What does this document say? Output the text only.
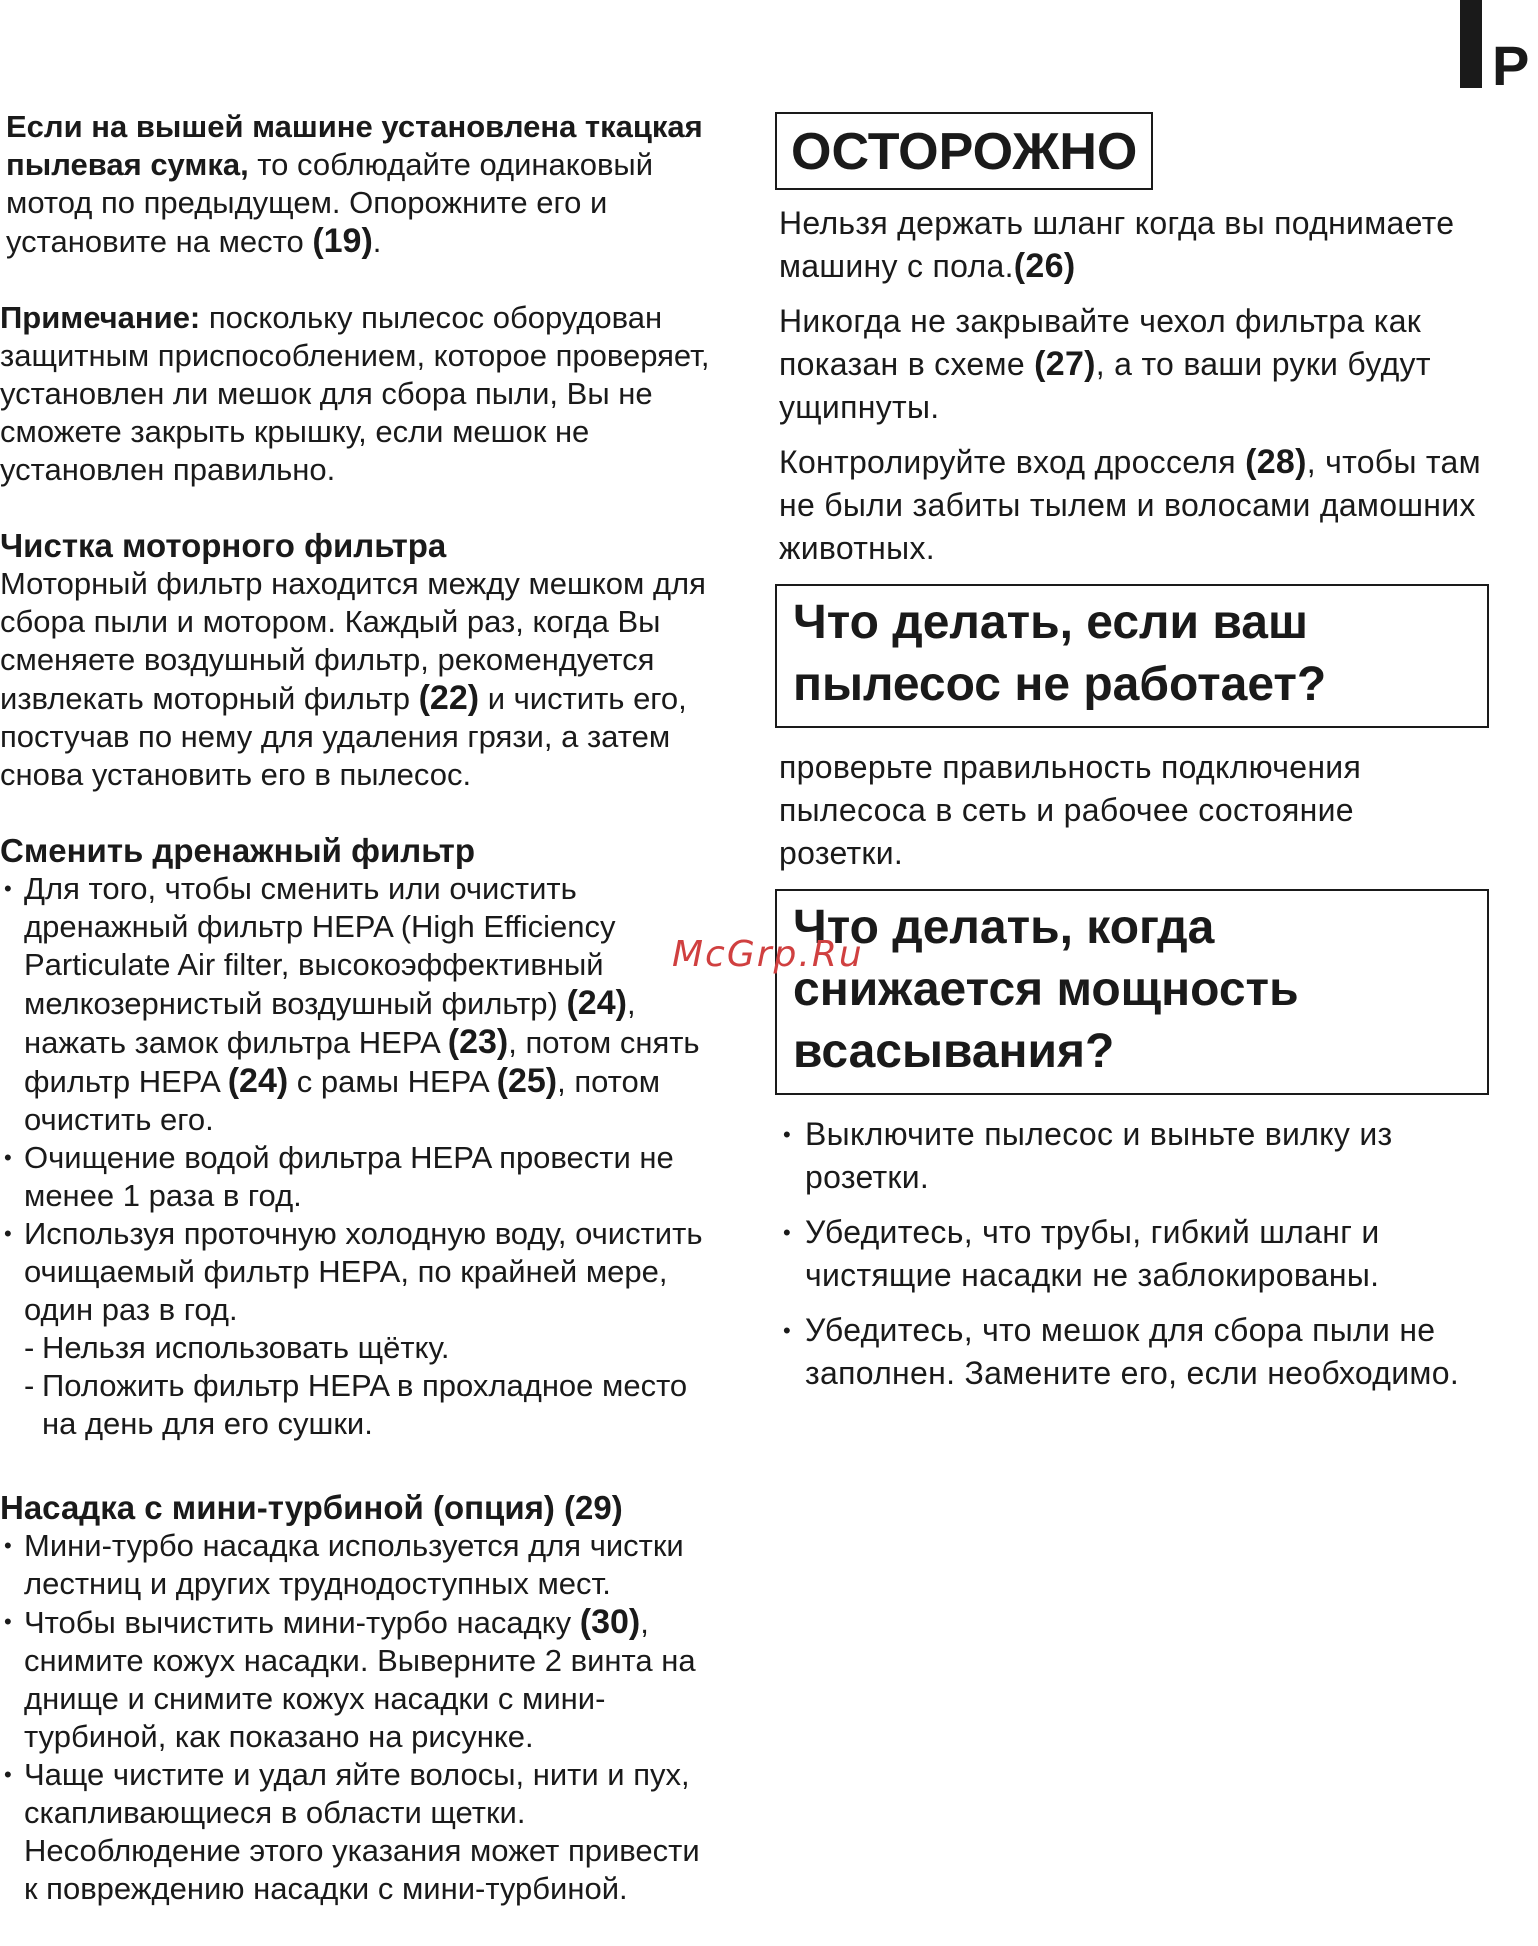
P

Если на вышей машине установлена ткацкая пылевая сумка, то соблюдайте одинаковый мотод по предыдущем. Опорожните его и установите на место (19).

Примечание: поскольку пылесос оборудован защитным приспособлением, которое проверяет, установлен ли мешок для сбора пыли, Вы не сможете закрыть крышку, если мешок не установлен правильно.

Чистка моторного фильтра

Моторный фильтр находится между мешком для сбора пыли и мотором. Каждый раз, когда Вы сменяете воздушный фильтр, рекомендуется извлекать моторный фильтр (22) и чистить его, постучав по нему для удаления грязи, а затем снова установить его в пылесос.

Сменить дренажный фильтр
• Для того, чтобы сменить или очистить дренажный фильтр HEPA (High Efficiency Particulate Air filter, высокоэффективный мелкозернистый воздушный фильтр) (24), нажать замок фильтра HEPA (23), потом снять фильтр HEPA (24) с рамы HEPA (25), потом очистить его.
• Очищение водой фильтра HEPA провести не менее 1 раза в год.
• Используя проточную холодную воду, очистить очищаемый фильтр HEPA, по крайней мере, один раз в год.
- Нельзя использовать щётку.
- Положить фильтр HEPA в прохладное место на день для его сушки.
Насадка с мини-турбиной (опция) (29)
• Мини-турбо насадка используется для чистки лестниц и других труднодоступных мест.
• Чтобы вычистить мини-турбо насадку (30), снимите кожух насадки. Выверните 2 винта на днище и снимите кожух насадки с мини-турбиной, как показано на рисунке.
• Чаще чистите и удал яйте волосы, нити и пух, скапливающиеся в области щетки. Несоблюдение этого указания может привести к повреждению насадки с мини-турбиной.
ОСТОРОЖНО

Нельзя держать шланг когда вы поднимаете машину с пола.(26)

Никогда не закрывайте чехол фильтра как показан в схеме (27), а то ваши руки будут ущипнуты.

Контролируйте вход дросселя (28), чтобы там не были забиты тылем и волосами дамошних животных.

Что делать, если ваш пылесос не работает?

проверьте правильность подключения пылесоса в сеть и рабочее состояние розетки.

Что делать, когда снижается мощность всасывания?
• Выключите пылесос и выньте вилку из розетки.
• Убедитесь, что трубы, гибкий шланг и чистящие насадки не заблокированы.
• Убедитесь, что мешок для сбора пыли не заполнен. Замените его, если необходимо.
McGrp.Ru
